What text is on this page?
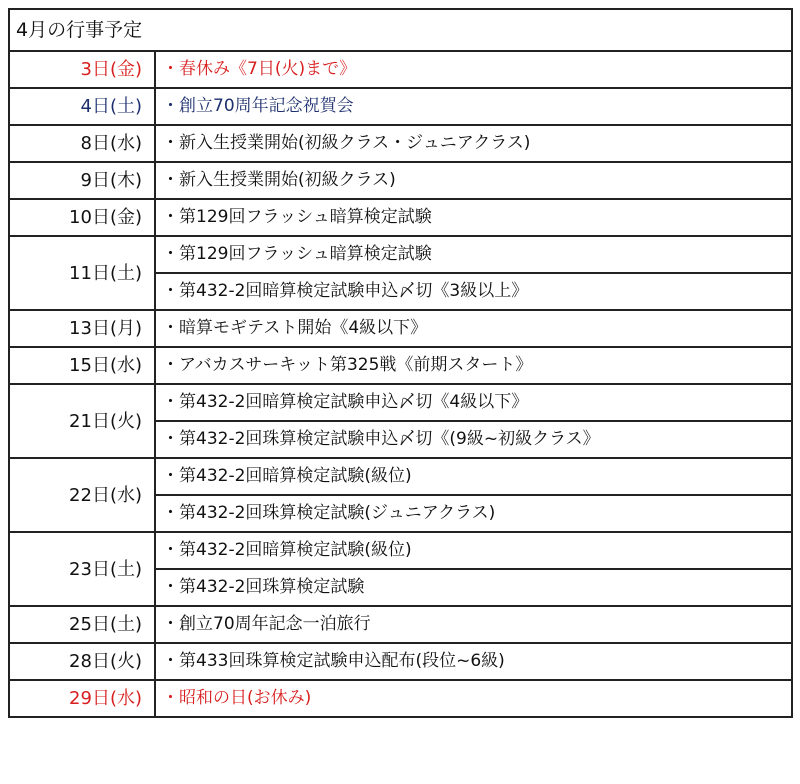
4月の行事予定	
3日(金)	・春休み《7日(火)まで》
4日(土)	・創立70周年記念祝賀会
8日(水)	・新入生授業開始(初級クラス・ジュニアクラス)
9日(木)	・新入生授業開始(初級クラス)
10日(金)	・第129回フラッシュ暗算検定試験
11日(土)	・第129回フラッシュ暗算検定試験
	・第432-2回暗算検定試験申込〆切《3級以上》
13日(月)	・暗算モギテスト開始《4級以下》
15日(水)	・アバカスサーキット第325戦《前期スタート》
21日(火)	・第432-2回暗算検定試験申込〆切《4級以下》
	・第432-2回珠算検定試験申込〆切《(9級~初級クラス》
22日(水)	・第432-2回暗算検定試験(級位)
	・第432-2回珠算検定試験(ジュニアクラス)
23日(土)	・第432-2回暗算検定試験(級位)
	・第432-2回珠算検定試験
25日(土)	・創立70周年記念一泊旅行
28日(火)	・第433回珠算検定試験申込配布(段位~6級)
29日(水)	・昭和の日(お休み)
